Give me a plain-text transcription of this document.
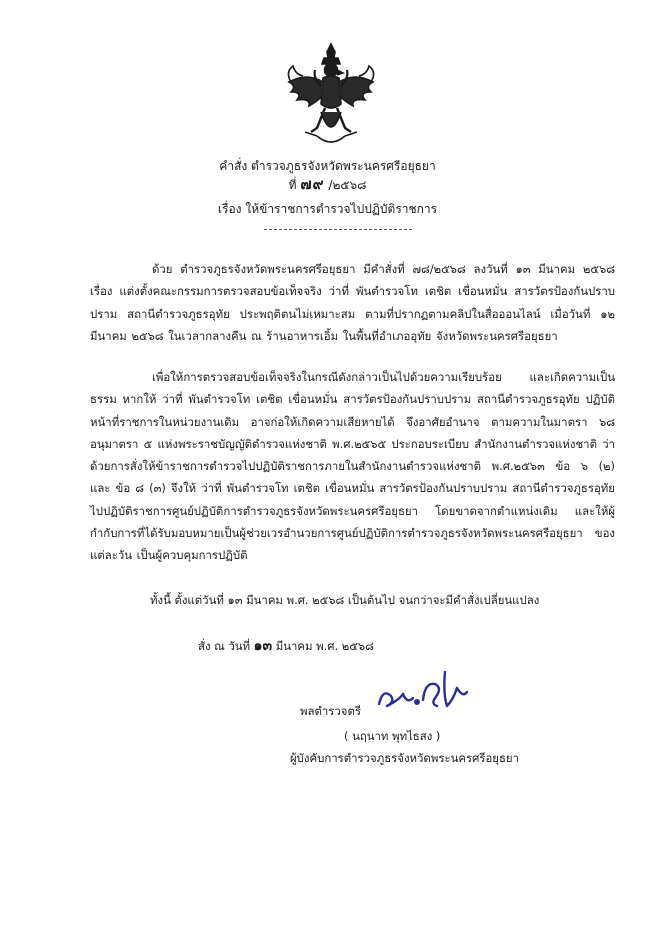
คำสั่ง ตำรวจภูธรจังหวัดพระนครศรีอยุธยา
ที่ ๗๙ /๒๕๖๘
เรื่อง ให้ข้าราชการตำรวจไปปฏิบัติราชการ

ด้วย ตำรวจภูธรจังหวัดพระนครศรีอยุธยา มีคำสั่งที่ ๗๘/๒๕๖๘ ลงวันที่ ๑๓ มีนาคม ๒๕๖๘ เรื่อง แต่งตั้งคณะกรรมการตรวจสอบข้อเท็จจริง ว่าที่ พันตำรวจโท เตชิต เขื่อนหมั่น สารวัตรป้องกันปราบปราม สถานีตำรวจภูธรอุทัย ประพฤติตนไม่เหมาะสม ตามที่ปรากฏตามคลิปในสื่อออนไลน์ เมื่อวันที่ ๑๒ มีนาคม ๒๕๖๘ ในเวลากลางคืน ณ ร้านอาหารเอิ้ม ในพื้นที่อำเภออุทัย จังหวัดพระนครศรีอยุธยา

เพื่อให้การตรวจสอบข้อเท็จจริงในกรณีดังกล่าวเป็นไปด้วยความเรียบร้อย และเกิดความเป็นธรรม หากให้ ว่าที่ พันตำรวจโท เตชิต เขื่อนหมั่น สารวัตรป้องกันปราบปราม สถานีตำรวจภูธรอุทัย ปฏิบัติหน้าที่ราชการในหน่วยงานเดิม อาจก่อให้เกิดความเสียหายได้ จึงอาศัยอำนาจ ตามความในมาตรา ๖๘ อนุมาตรา ๕ แห่งพระราชบัญญัติตำรวจแห่งชาติ พ.ศ.๒๕๖๕ ประกอบระเบียบ สำนักงานตำรวจแห่งชาติ ว่าด้วยการสั่งให้ข้าราชการตำรวจไปปฏิบัติราชการภายในสำนักงานตำรวจแห่งชาติ พ.ศ.๒๕๖๓ ข้อ ๖ (๒) และ ข้อ ๘ (๓) จึงให้ ว่าที่ พันตำรวจโท เตชิต เขื่อนหมั่น สารวัตรป้องกันปราบปราม สถานีตำรวจภูธรอุทัย ไปปฏิบัติราชการศูนย์ปฏิบัติการตำรวจภูธรจังหวัดพระนครศรีอยุธยา โดยขาดจากตำแหน่งเดิม และให้ผู้กำกับการที่ได้รับมอบหมายเป็นผู้ช่วยเวรอำนวยการศูนย์ปฏิบัติการตำรวจภูธรจังหวัดพระนครศรีอยุธยา ของแต่ละวัน เป็นผู้ควบคุมการปฏิบัติ

ทั้งนี้ ตั้งแต่วันที่ ๑๓ มีนาคม พ.ศ. ๒๕๖๘ เป็นต้นไป จนกว่าจะมีคำสั่งเปลี่ยนแปลง
สั่ง ณ วันที่ ๑๓ มีนาคม พ.ศ. ๒๕๖๘
พลตำรวจตรี
( นฤนาท พุทไธสง )
ผู้บังคับการตำรวจภูธรจังหวัดพระนครศรีอยุธยา
